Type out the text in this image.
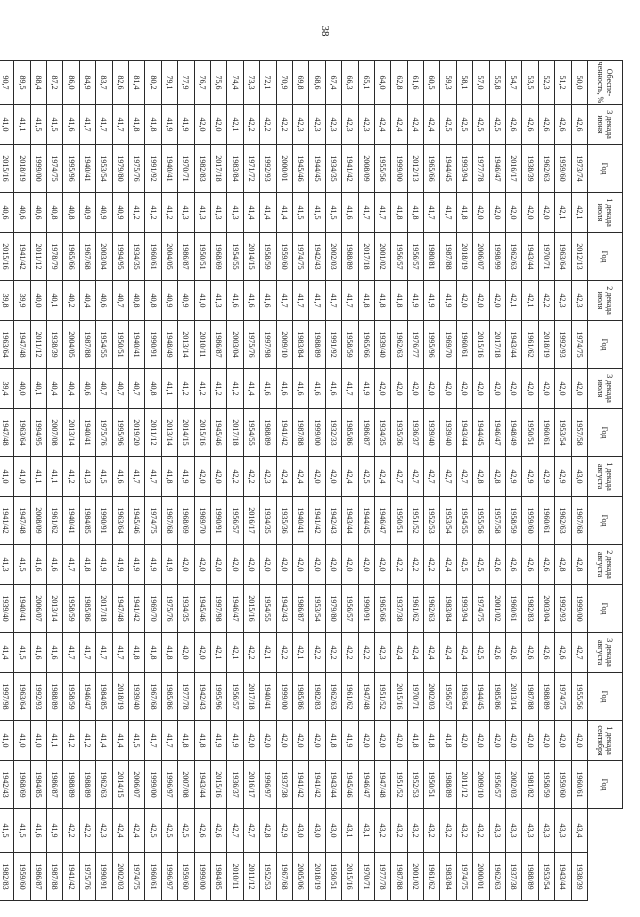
38
Обеспе-ченность, %	3 декада июня	Год	1 декада июля	Год	2 декада июля	Год	3 декада июля	Год	1 декада августа	Год	2 декада августа	Год	3 декада августа	Год	1 декада сентября	Год			
50,0	42,6	1973/74	42,1	2012/13	42,3	1974/75	42,0	1957/58	43,0	1967/68	42,8	1999/00	42,7	1955/56	42,0	1960/61	43,4	1938/39		
51,2	42,6	1959/60	42,1	1963/64	42,3	1992/93	42,0	1953/54	42,9	1962/63	42,8	1992/93	42,6	1974/75	42,0	1959/60	43,3	1943/44		
52,3	42,6	1962/63	42,0	1970/71	42,2	2018/19	42,0	1960/61	42,9	1960/61	42,6	2003/04	42,6	1988/89	42,0	1958/59	43,3	1953/54		
53,5	42,6	1938/39	42,0	1943/44	42,1	1961/62	42,0	1950/51	42,9	1959/60	42,6	1982/83	42,6	1987/88	42,0	1981/82	43,3	1988/89		
54,7	42,6	2016/17	42,0	1962/63	42,1	1943/44	42,0	1948/49	42,9	1958/59	42,6	1960/61	42,6	2013/14	42,0	2002/03	43,3	1937/38		
55,8	42,5	1946/47	42,0	1998/99	42,0	2017/18	42,0	1946/47	42,8	1957/58	42,6	2001/02	42,6	1985/86	42,0	1956/57	43,3	1962/63		
57,0	42,5	1977/78	42,0	2006/07	42,0	2015/16	42,0	1944/45	42,8	1955/56	42,5	1974/75	42,5	1944/45	42,0	2009/10	43,2	2000/01		
58,1	42,5	1993/94	41,8	2018/19	42,0	1960/61	42,0	1943/44	42,7	1954/55	42,5	1993/94	42,4	1963/64	42,0	2011/12	43,2	1974/75		
59,3	42,5	1944/45	41,7	1987/88	41,9	1969/70	42,0	1939/40	42,7	1953/54	42,4	1983/84	42,4	1956/57	41,8	1988/89	43,2	1983/84		
60,5	42,4	1965/66	41,7	1980/81	41,9	1995/96	42,0	1939/40	42,7	1952/53	42,2	1962/63	42,4	2002/03	41,8	1950/51	43,2	1961/62		
61,6	42,4	2012/13	41,8	1956/57	41,9	1976/77	42,0	1936/37	42,7	1951/52	42,2	1961/62	42,4	1970/71	41,8	1952/53	43,2	2001/02		
62,8	42,4	1999/00	41,8	1956/57	41,8	1962/63	42,0	1935/36	42,7	1950/51	42,2	1937/38	42,4	2015/16	42,0	1951/52	43,2	1987/88		
64,0	42,4	1955/56	41,7	2001/02	41,8	1939/40	42,0	1934/35	42,4	1946/47	42,0	1965/66	42,3	1951/52	42,0	1947/48	43,2	1977/78		
65,1	42,3	2008/09	41,7	2017/18	41,8	1965/66	41,9	1986/87	42,5	1944/45	42,0	1990/91	42,2	1947/48	42,0	1946/47	43,1	1970/71		
66,3	42,3	1941/42	41,6	1988/89	41,7	1958/59	41,7	1985/86	42,4	1943/44	42,0	1956/57	42,2	1961/62	41,9	1945/46	43,1	2015/16		
67,4	42,3	1934/35	41,5	2002/03	41,7	1991/92	41,6	1932/33	42,0	1942/43	42,0	1979/80	42,2	1962/63	41,8	1943/44	43,0	1950/51		
68,6	42,3	1944/45	41,5	1942/43	41,7	1988/89	41,6	1999/00	42,0	1941/42	42,0	1953/54	42,2	1982/83	42,0	1941/42	43,0	2018/19		
69,8	42,3	1945/46	41,5	1974/75	41,7	1983/84	41,6	1987/88	42,4	1940/41	42,0	1986/87	42,1	1985/86	42,0	1941/42	43,0	2005/06		
70,9	42,2	2000/01	41,4	1959/60	41,7	2009/10	41,6	1941/42	42,4	1935/36	42,0	1942/43	42,2	1999/00	42,0	1937/38	42,9	1967/68		
72,1	42,2	1992/93	41,4	1958/59	41,6	1997/98	41,6	1988/89	42,3	1934/35	42,0	1954/55	42,1	1940/41	42,0	1996/97	42,8	1952/53		
73,3	42,2	1971/72	41,4	2014/15	41,6	1975/76	41,4	1954/55	42,2	2016/17	42,0	2015/16	42,2	2017/18	42,0	2016/17	42,7	2011/12		
74,4	42,1	1983/84	41,3	1954/55	41,6	2003/04	41,2	2017/18	42,2	1956/57	42,0	1946/47	42,1	1956/57	41,9	1936/37	42,7	2010/11		
75,6	42,0	2017/18	41,3	1968/69	41,3	1986/87	41,2	1945/46	42,0	1990/91	42,0	1997/98	42,1	1995/96	41,9	2015/16	42,6	1984/85		
76,7	42,0	1982/83	41,3	1950/51	41,0	2010/11	41,2	2015/16	42,0	1969/70	42,0	1945/46	42,0	1942/43	41,8	1943/44	42,6	1999/00		
77,9	41,9	1970/71	41,3	1986/87	40,9	2013/14	41,2	2014/15	41,9	1968/69	42,0	1934/35	42,0	1977/78	41,8	2007/08	42,5	1959/60		
79,1	41,9	1940/41	41,2	2004/05	40,9	1948/49	41,1	2013/14	41,8	1967/68	41,9	1975/76	41,8	1985/86	41,7	1996/97	42,5	1996/97		
80,2	41,8	1991/92	41,2	1960/61	40,8	1990/91	40,8	2011/12	41,7	1974/75	41,9	1969/70	41,8	1967/68	41,7	1999/00	42,5	1960/61		
81,4	41,8	1975/76	41,2	1934/35	40,8	1940/41	40,7	2019/20	41,7	1945/46	41,9	1941/42	41,8	1939/40	41,5	2006/07	42,4	1974/75		
82,6	41,7	1979/80	40,9	1994/95	40,7	1950/51	40,7	1995/96	41,6	1963/64	41,9	1947/48	41,7	2018/19	41,4	2014/15	42,4	2002/03		
83,7	41,7	1953/54	40,9	2003/04	40,6	1954/55	40,7	1975/76	41,5	1990/91	41,9	2017/18	41,7	1984/85	41,4	1962/63	42,3	1990/91		
84,9	41,7	1940/41	40,9	1967/68	40,4	1987/88	40,6	1940/41	41,3	1984/85	41,8	1985/86	41,7	1946/47	41,2	1988/89	42,2	1975/76		
86,0	41,6	1995/96	40,8	1965/66	40,2	2004/05	40,4	2013/14	41,2	1940/41	41,7	1958/59	41,7	1958/59	41,2	1988/89	42,2	1941/42		
87,2	41,5	1974/75	40,8	1978/79	40,1	1938/39	40,4	2007/08	41,1	1961/62	41,6	2013/14	41,6	1988/89	41,1	1986/87	41,9	1987/88		
88,4	41,5	1999/00	40,6	2011/12	40,0	2011/12	40,1	1994/95	41,1	2008/09	41,6	2006/07	41,6	1992/93	41,0	1984/85	41,6	1986/87		
89,5	41,1	2018/19	40,6	1941/42	39,9	1947/48	40,0	1963/64	41,0	1947/48	41,5	1940/41	41,5	1963/64	41,0	1968/69	41,5	1959/60		
90,7	41,0	2015/16	40,6	2015/16	39,8	1963/64	39,4	1947/48	41,0	1941/42	41,3	1939/40	41,4	1997/98	41,0	1942/43	41,5	1982/83		
